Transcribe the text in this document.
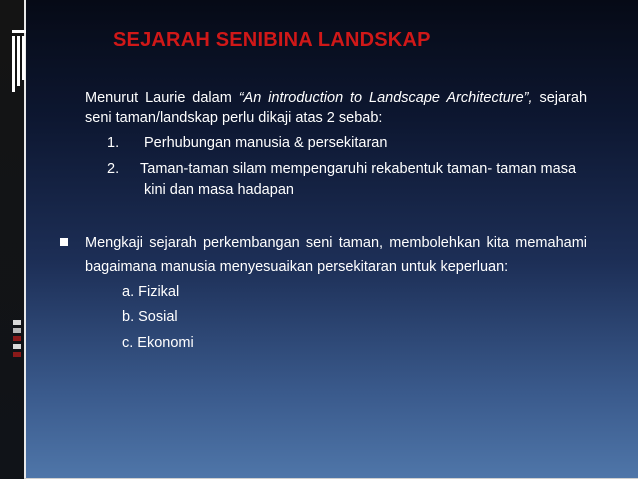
SEJARAH SENIBINA LANDSKAP
Menurut Laurie dalam “An introduction to Landscape Architecture”, sejarah
seni taman/landskap perlu dikaji atas 2 sebab:
1. Perhubungan manusia & persekitaran
2. Taman-taman silam mempengaruhi rekabentuk taman- taman masa
kini dan masa hadapan
Mengkaji sejarah perkembangan seni taman, membolehkan kita memahami
bagaimana manusia menyesuaikan persekitaran untuk keperluan:
a. Fizikal
b. Sosial
c. Ekonomi
